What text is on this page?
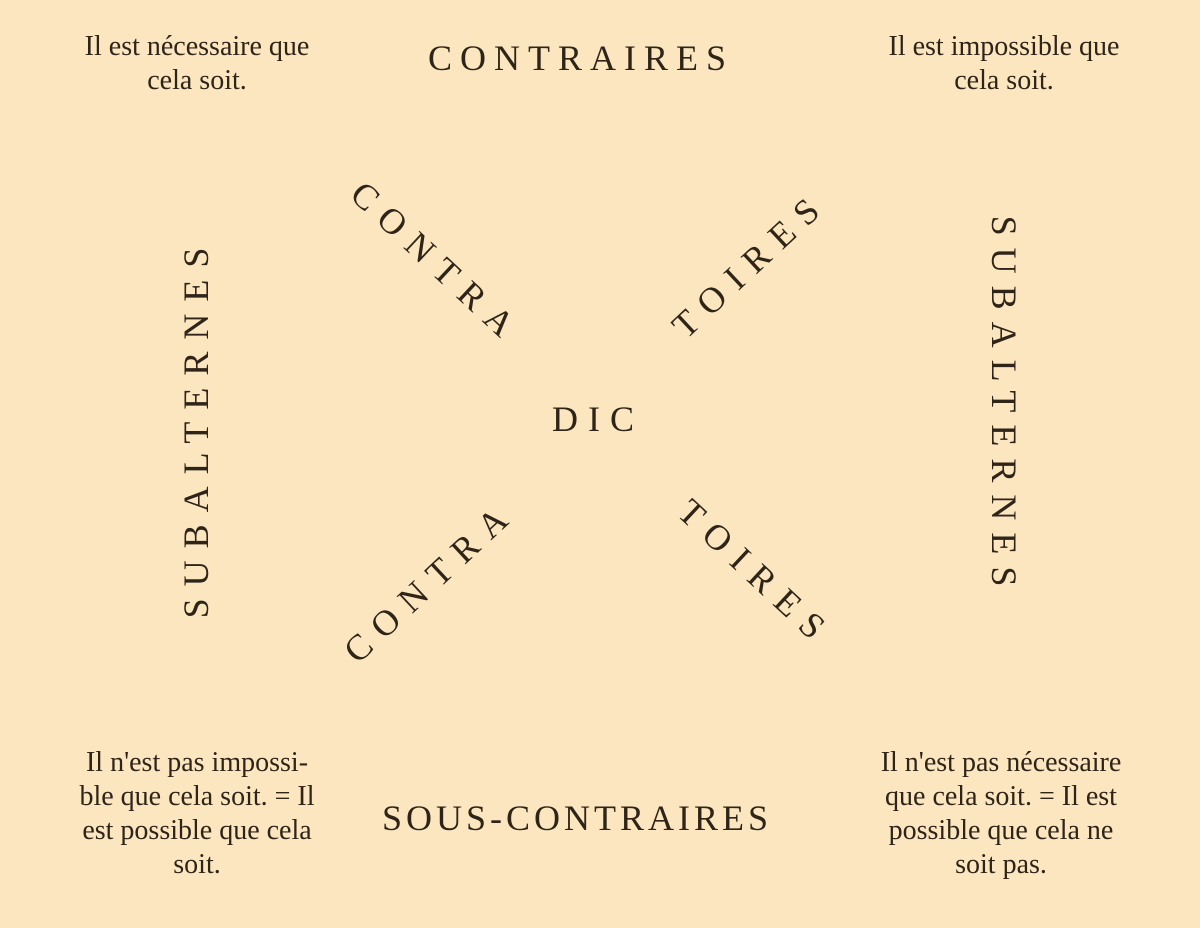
Il est nécessaire que
cela soit.
Il est impossible que
cela soit.
Il n'est pas impossi-
ble que cela soit. = Il
est possible que cela
soit.
Il n'est pas nécessaire
que cela soit. = Il est
possible que cela ne
soit pas.
CONTRAIRES
SOUS-CONTRAIRES
SUBALTERNES	SUBALTERNES
CONTRA	TOIRES
CONTRA	TOIRES
DIC
